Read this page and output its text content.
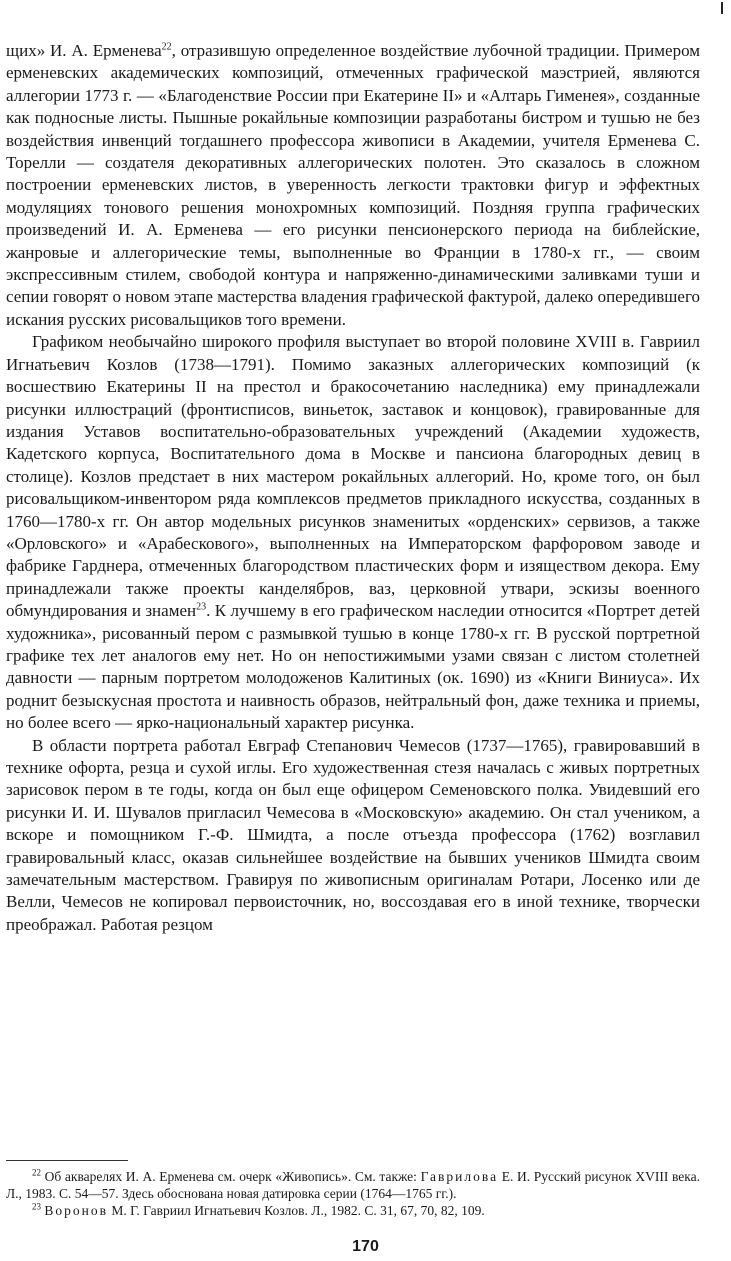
щих» И. А. Ерменева$^{22}$, отразившую определенное воздействие лубочной традиции. Примером ерменевских академических композиций, отмеченных графической маэстрией, являются аллегории 1773 г. — «Благоденствие России при Екатерине II» и «Алтарь Гименея», созданные как подносные листы. Пышные рокайльные композиции разработаны бистром и тушью не без воздействия инвенций тогдашнего профессора живописи в Академии, учителя Ерменева С. Торелли — создателя декоративных аллегорических полотен. Это сказалось в сложном построении ерменевских листов, в уверенность легкости трактовки фигур и эффектных модуляциях тонового решения монохромных композиций. Поздняя группа графических произведений И. А. Ерменева — его рисунки пенсионерского периода на библейские, жанровые и аллегорические темы, выполненные во Франции в 1780-х гг., — своим экспрессивным стилем, свободой контура и напряженно-динамическими заливками туши и сепии говорят о новом этапе мастерства владения графической фактурой, далеко опередившего искания русских рисовальщиков того времени.

Графиком необычайно широкого профиля выступает во второй половине XVIII в. Гавриил Игнатьевич Козлов (1738—1791). Помимо заказных аллегорических композиций (к восшествию Екатерины II на престол и бракосочетанию наследника) ему принадлежали рисунки иллюстраций (фронтисписов, виньеток, заставок и концовок), гравированные для издания Уставов воспитательно-образовательных учреждений (Академии художеств, Кадетского корпуса, Воспитательного дома в Москве и пансиона благородных девиц в столице). Козлов предстает в них мастером рокайльных аллегорий. Но, кроме того, он был рисовальщиком-инвентором ряда комплексов предметов прикладного искусства, созданных в 1760—1780-х гг. Он автор модельных рисунков знаменитых «орденских» сервизов, а также «Орловского» и «Арабескового», выполненных на Императорском фарфоровом заводе и фабрике Гарднера, отмеченных благородством пластических форм и изяществом декора. Ему принадлежали также проекты канделябров, ваз, церковной утвари, эскизы военного обмундирования и знамен$^{23}$. К лучшему в его графическом наследии относится «Портрет детей художника», рисованный пером с размывкой тушью в конце 1780-х гг. В русской портретной графике тех лет аналогов ему нет. Но он непостижимыми узами связан с листом столетней давности — парным портретом молодоженов Калитиных (ок. 1690) из «Книги Виниуса». Их роднит безыскусная простота и наивность образов, нейтральный фон, даже техника и приемы, но более всего — ярко-национальный характер рисунка.

В области портрета работал Евграф Степанович Чемесов (1737—1765), гравировавший в технике офорта, резца и сухой иглы. Его художественная стезя началась с живых портретных зарисовок пером в те годы, когда он был еще офицером Семеновского полка. Увидевший его рисунки И. И. Шувалов пригласил Чемесова в «Московскую» академию. Он стал учеником, а вскоре и помощником Г.-Ф. Шмидта, а после отъезда профессора (1762) возглавил гравировальный класс, оказав сильнейшее воздействие на бывших учеников Шмидта своим замечательным мастерством. Гравируя по живописным оригиналам Ротари, Лосенко или де Велли, Чемесов не копировал первоисточник, но, воссоздавая его в иной технике, творчески преображал. Работая резцом

$^{22}$ Об акварелях И. А. Ерменева см. очерк «Живопись». См. также: Гаврилова Е. И. Русский рисунок XVIII века. Л., 1983. С. 54—57. Здесь обоснована новая датировка серии (1764—1765 гг.).

$^{23}$ Воронов М. Г. Гавриил Игнатьевич Козлов. Л., 1982. С. 31, 67, 70, 82, 109.

170
